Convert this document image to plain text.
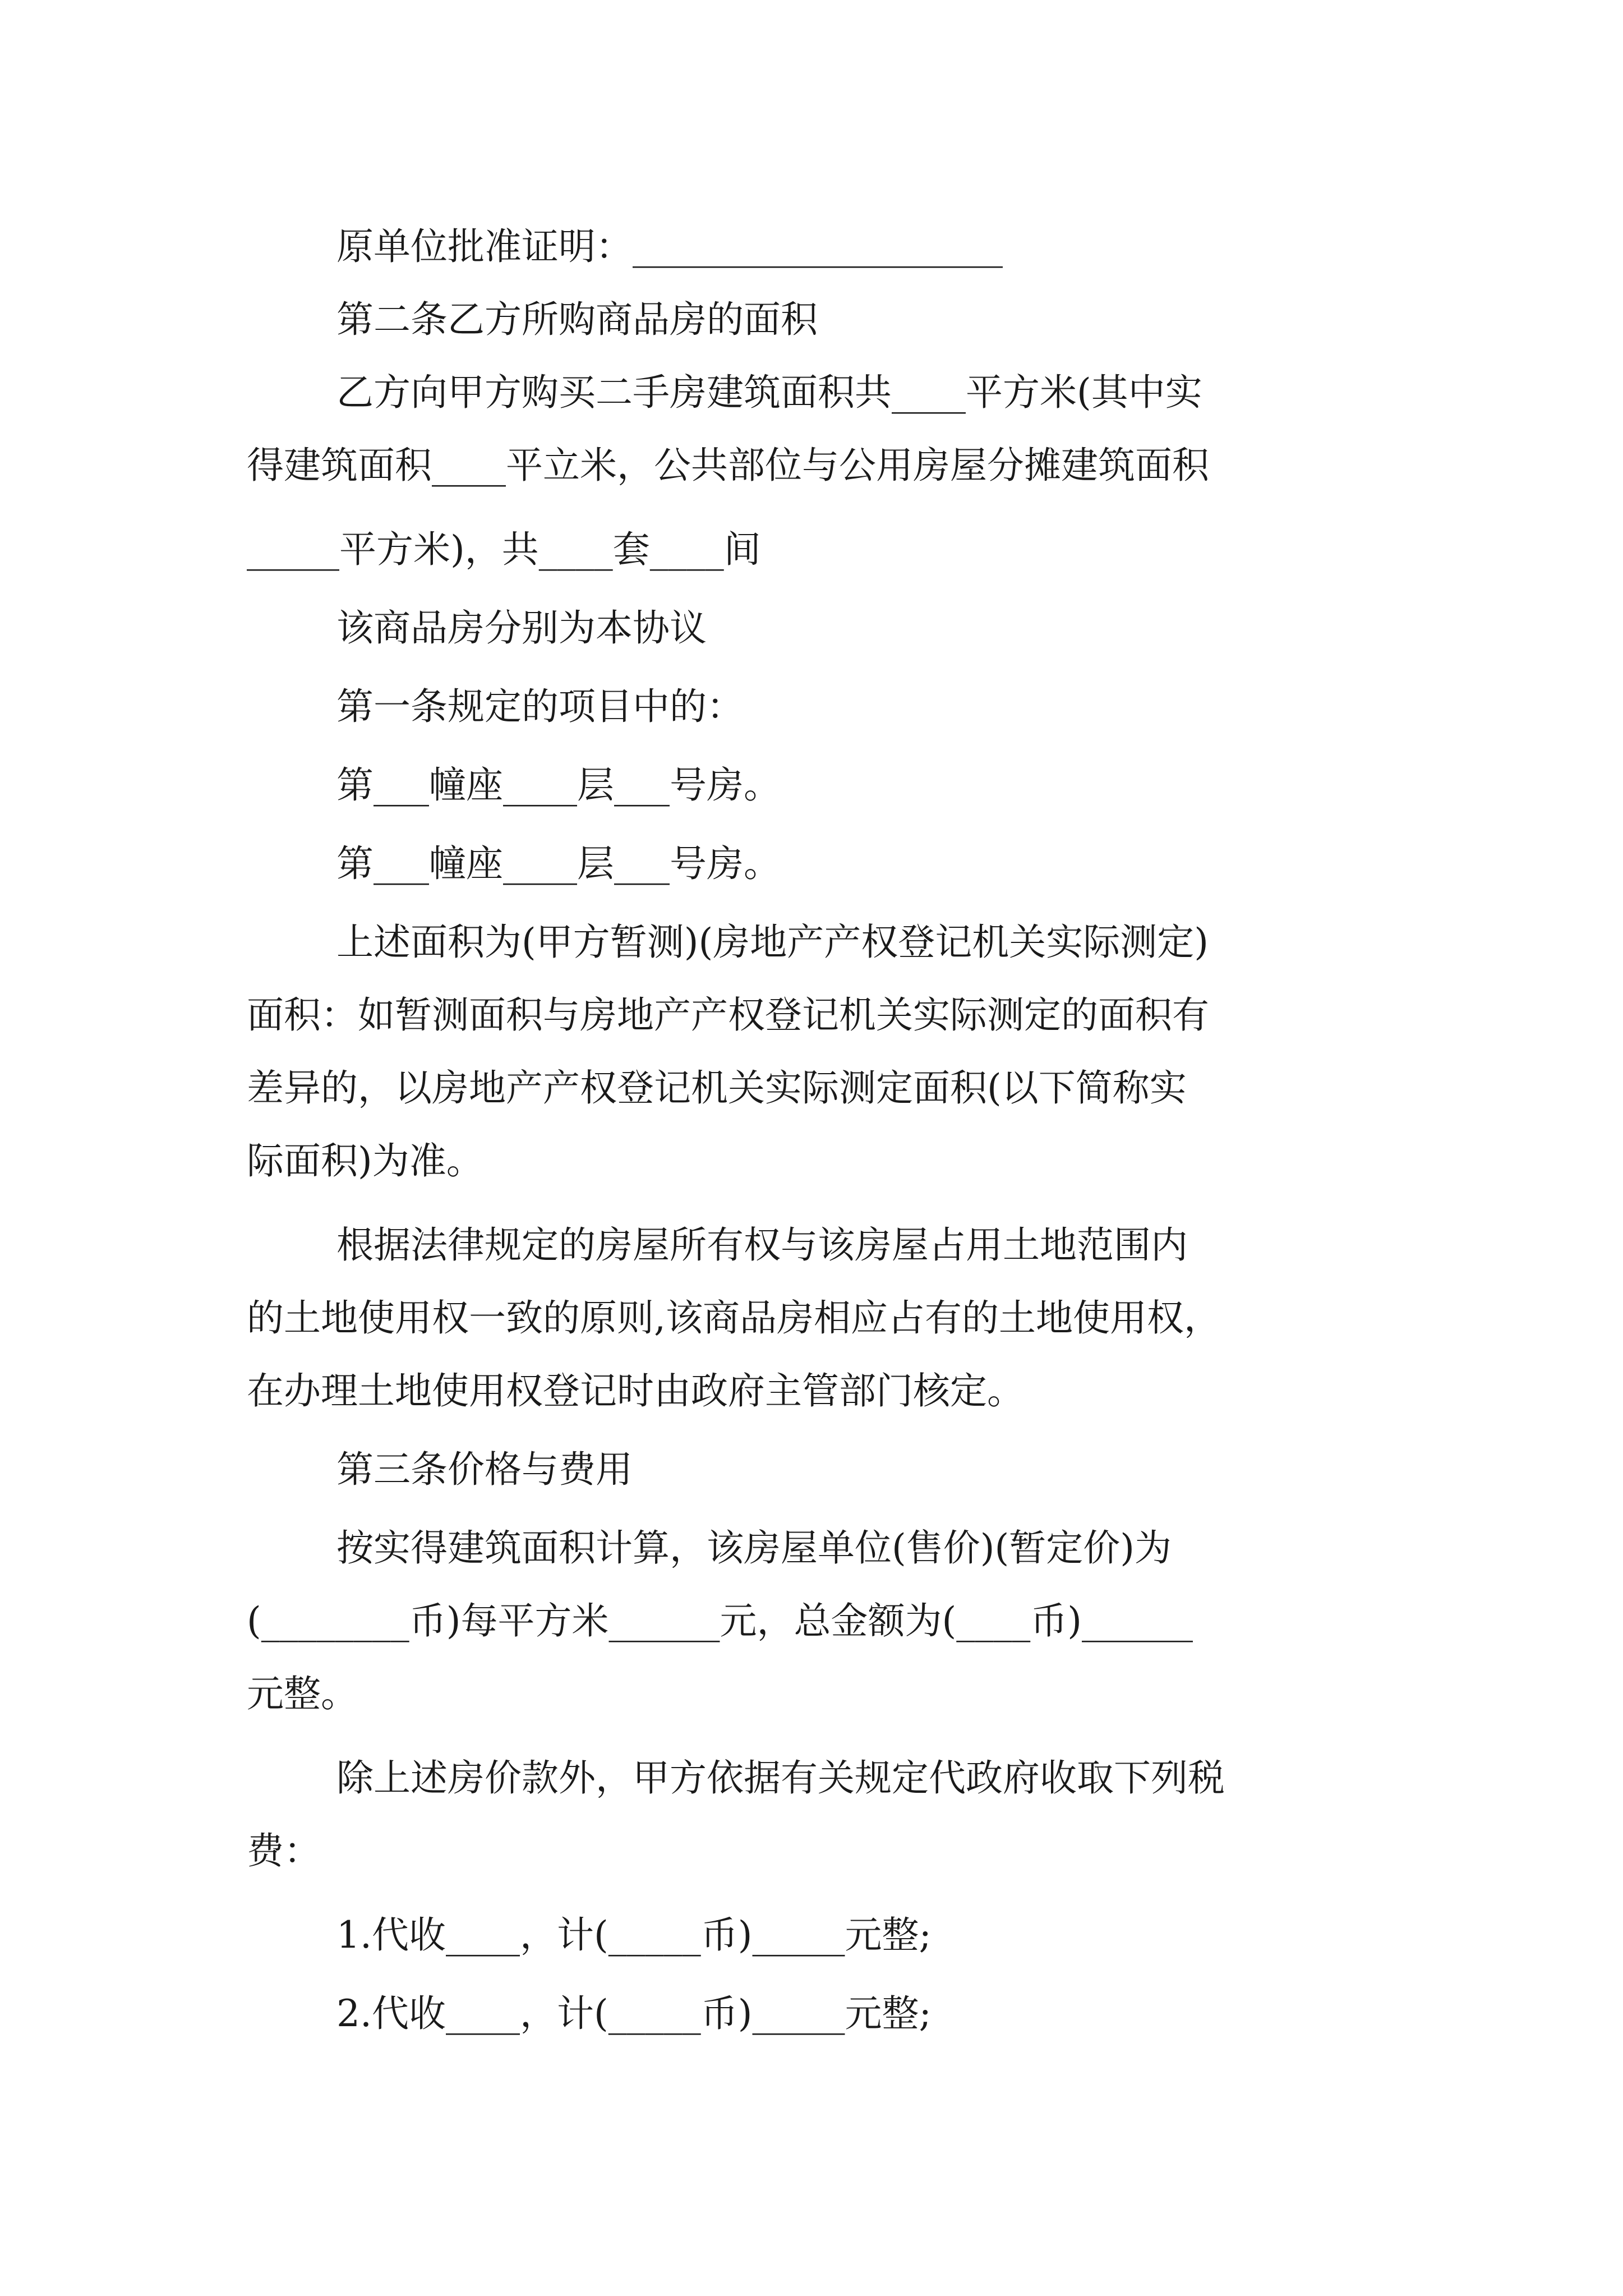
原单位批准证明：____________________
第二条乙方所购商品房的面积
乙方向甲方购买二手房建筑面积共____平方米(其中实
得建筑面积____平立米，公共部位与公用房屋分摊建筑面积
_____平方米)，共____套____间
该商品房分别为本协议
第一条规定的项目中的：
第___幢座____层___号房。
第___幢座____层___号房。
上述面积为(甲方暂测)(房地产产权登记机关实际测定)
面积：如暂测面积与房地产产权登记机关实际测定的面积有
差异的，以房地产产权登记机关实际测定面积(以下简称实
际面积)为准。
根据法律规定的房屋所有权与该房屋占用土地范围内
的土地使用权一致的原则,该商品房相应占有的土地使用权，
在办理土地使用权登记时由政府主管部门核定。
第三条价格与费用
按实得建筑面积计算，该房屋单位(售价)(暂定价)为
(________币)每平方米______元，总金额为(____币)______
元整。
除上述房价款外，甲方依据有关规定代政府收取下列税
费：
1.代收____，计(_____币)_____元整;
2.代收____，计(_____币)_____元整;
